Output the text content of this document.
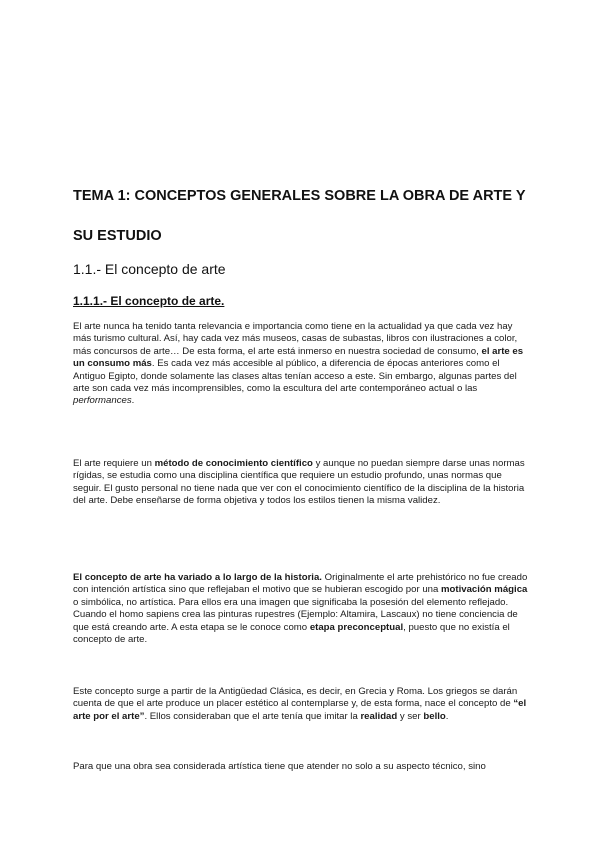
TEMA 1: CONCEPTOS GENERALES SOBRE LA OBRA DE ARTE Y SU ESTUDIO
1.1.- El concepto de arte
1.1.1.- El concepto de arte.

El arte nunca ha tenido tanta relevancia e importancia como tiene en la actualidad ya que cada vez hay más turismo cultural. Así, hay cada vez más museos, casas de subastas, libros con ilustraciones a color, más concursos de arte… De esta forma, el arte está inmerso en nuestra sociedad de consumo, el arte es un consumo más. Es cada vez más accesible al público, a diferencia de épocas anteriores como el Antiguo Egipto, donde solamente las clases altas tenían acceso a este. Sin embargo, algunas partes del arte son cada vez más incomprensibles, como la escultura del arte contemporáneo actual o las performances.

El arte requiere un método de conocimiento científico y aunque no puedan siempre darse unas normas rígidas, se estudia como una disciplina científica que requiere un estudio profundo, unas normas que seguir. El gusto personal no tiene nada que ver con el conocimiento científico de la disciplina de la historia del arte. Debe enseñarse de forma objetiva y todos los estilos tienen la misma validez.

El concepto de arte ha variado a lo largo de la historia. Originalmente el arte prehistórico no fue creado con intención artística sino que reflejaban el motivo que se hubieran escogido por una motivación mágica o simbólica, no artística. Para ellos era una imagen que significaba la posesión del elemento reflejado. Cuando el homo sapiens crea las pinturas rupestres (Ejemplo: Altamira, Lascaux) no tiene conciencia de que está creando arte. A esta etapa se le conoce como etapa preconceptual, puesto que no existía el concepto de arte.

Este concepto surge a partir de la Antigüedad Clásica, es decir, en Grecia y Roma. Los griegos se darán cuenta de que el arte produce un placer estético al contemplarse y, de esta forma, nace el concepto de “el arte por el arte”. Ellos consideraban que el arte tenía que imitar la realidad y ser bello.

Para que una obra sea considerada artística tiene que atender no solo a su aspecto técnico, sino
